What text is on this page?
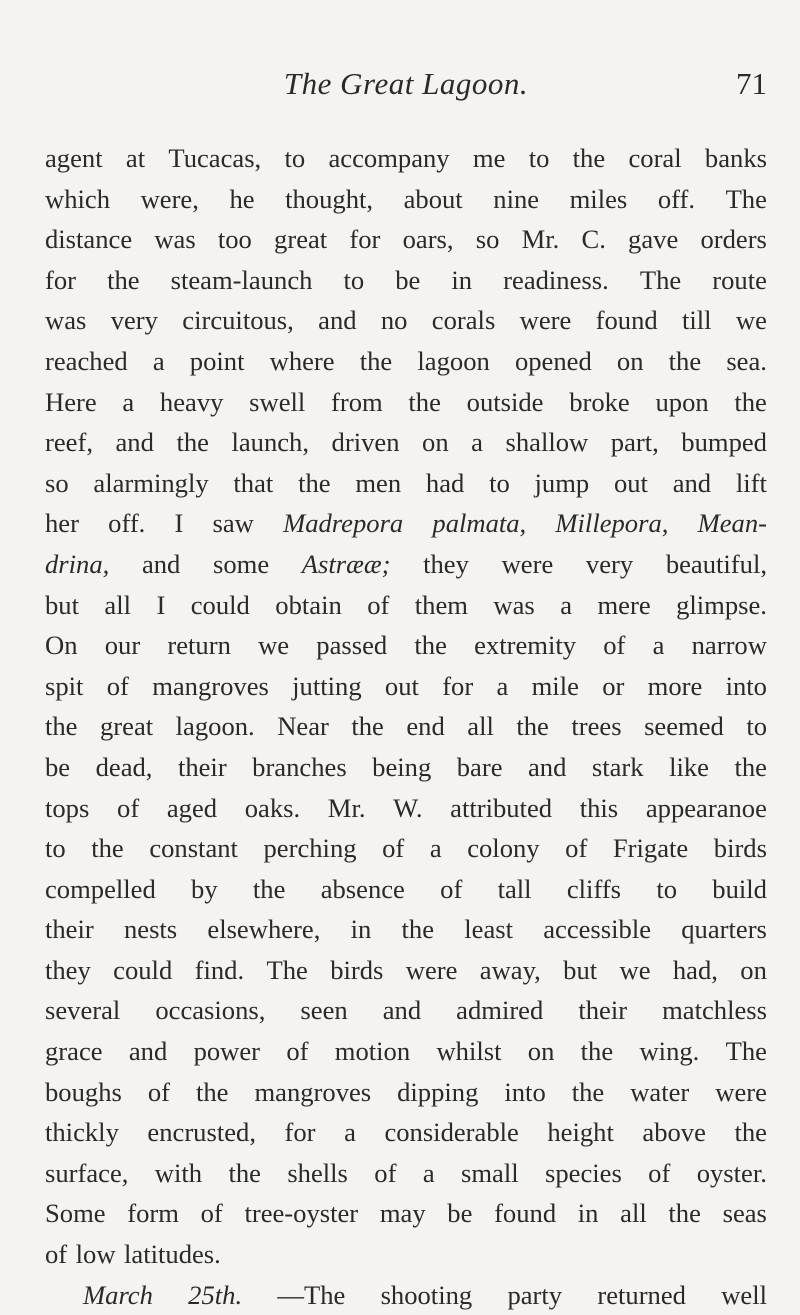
The Great Lagoon.	71
agent at Tucacas, to accompany me to the coral banks
which were, he thought, about nine miles off. The
distance was too great for oars, so Mr. C. gave orders
for the steam-launch to be in readiness. The route
was very circuitous, and no corals were found till we
reached a point where the lagoon opened on the sea.
Here a heavy swell from the outside broke upon the
reef, and the launch, driven on a shallow part, bumped
so alarmingly that the men had to jump out and lift
her off. I saw Madrepora palmata, Millepora, Mean-
drina, and some Astrææ; they were very beautiful,
but all I could obtain of them was a mere glimpse.
On our return we passed the extremity of a narrow
spit of mangroves jutting out for a mile or more into
the great lagoon. Near the end all the trees seemed to
be dead, their branches being bare and stark like the
tops of aged oaks. Mr. W. attributed this appearanoe
to the constant perching of a colony of Frigate birds
compelled by the absence of tall cliffs to build
their nests elsewhere, in the least accessible quarters
they could find. The birds were away, but we had, on
several occasions, seen and admired their matchless
grace and power of motion whilst on the wing. The
boughs of the mangroves dipping into the water were
thickly encrusted, for a considerable height above the
surface, with the shells of a small species of oyster.
Some form of tree-oyster may be found in all the seas
of low latitudes.
March 25th. —The shooting party returned well
